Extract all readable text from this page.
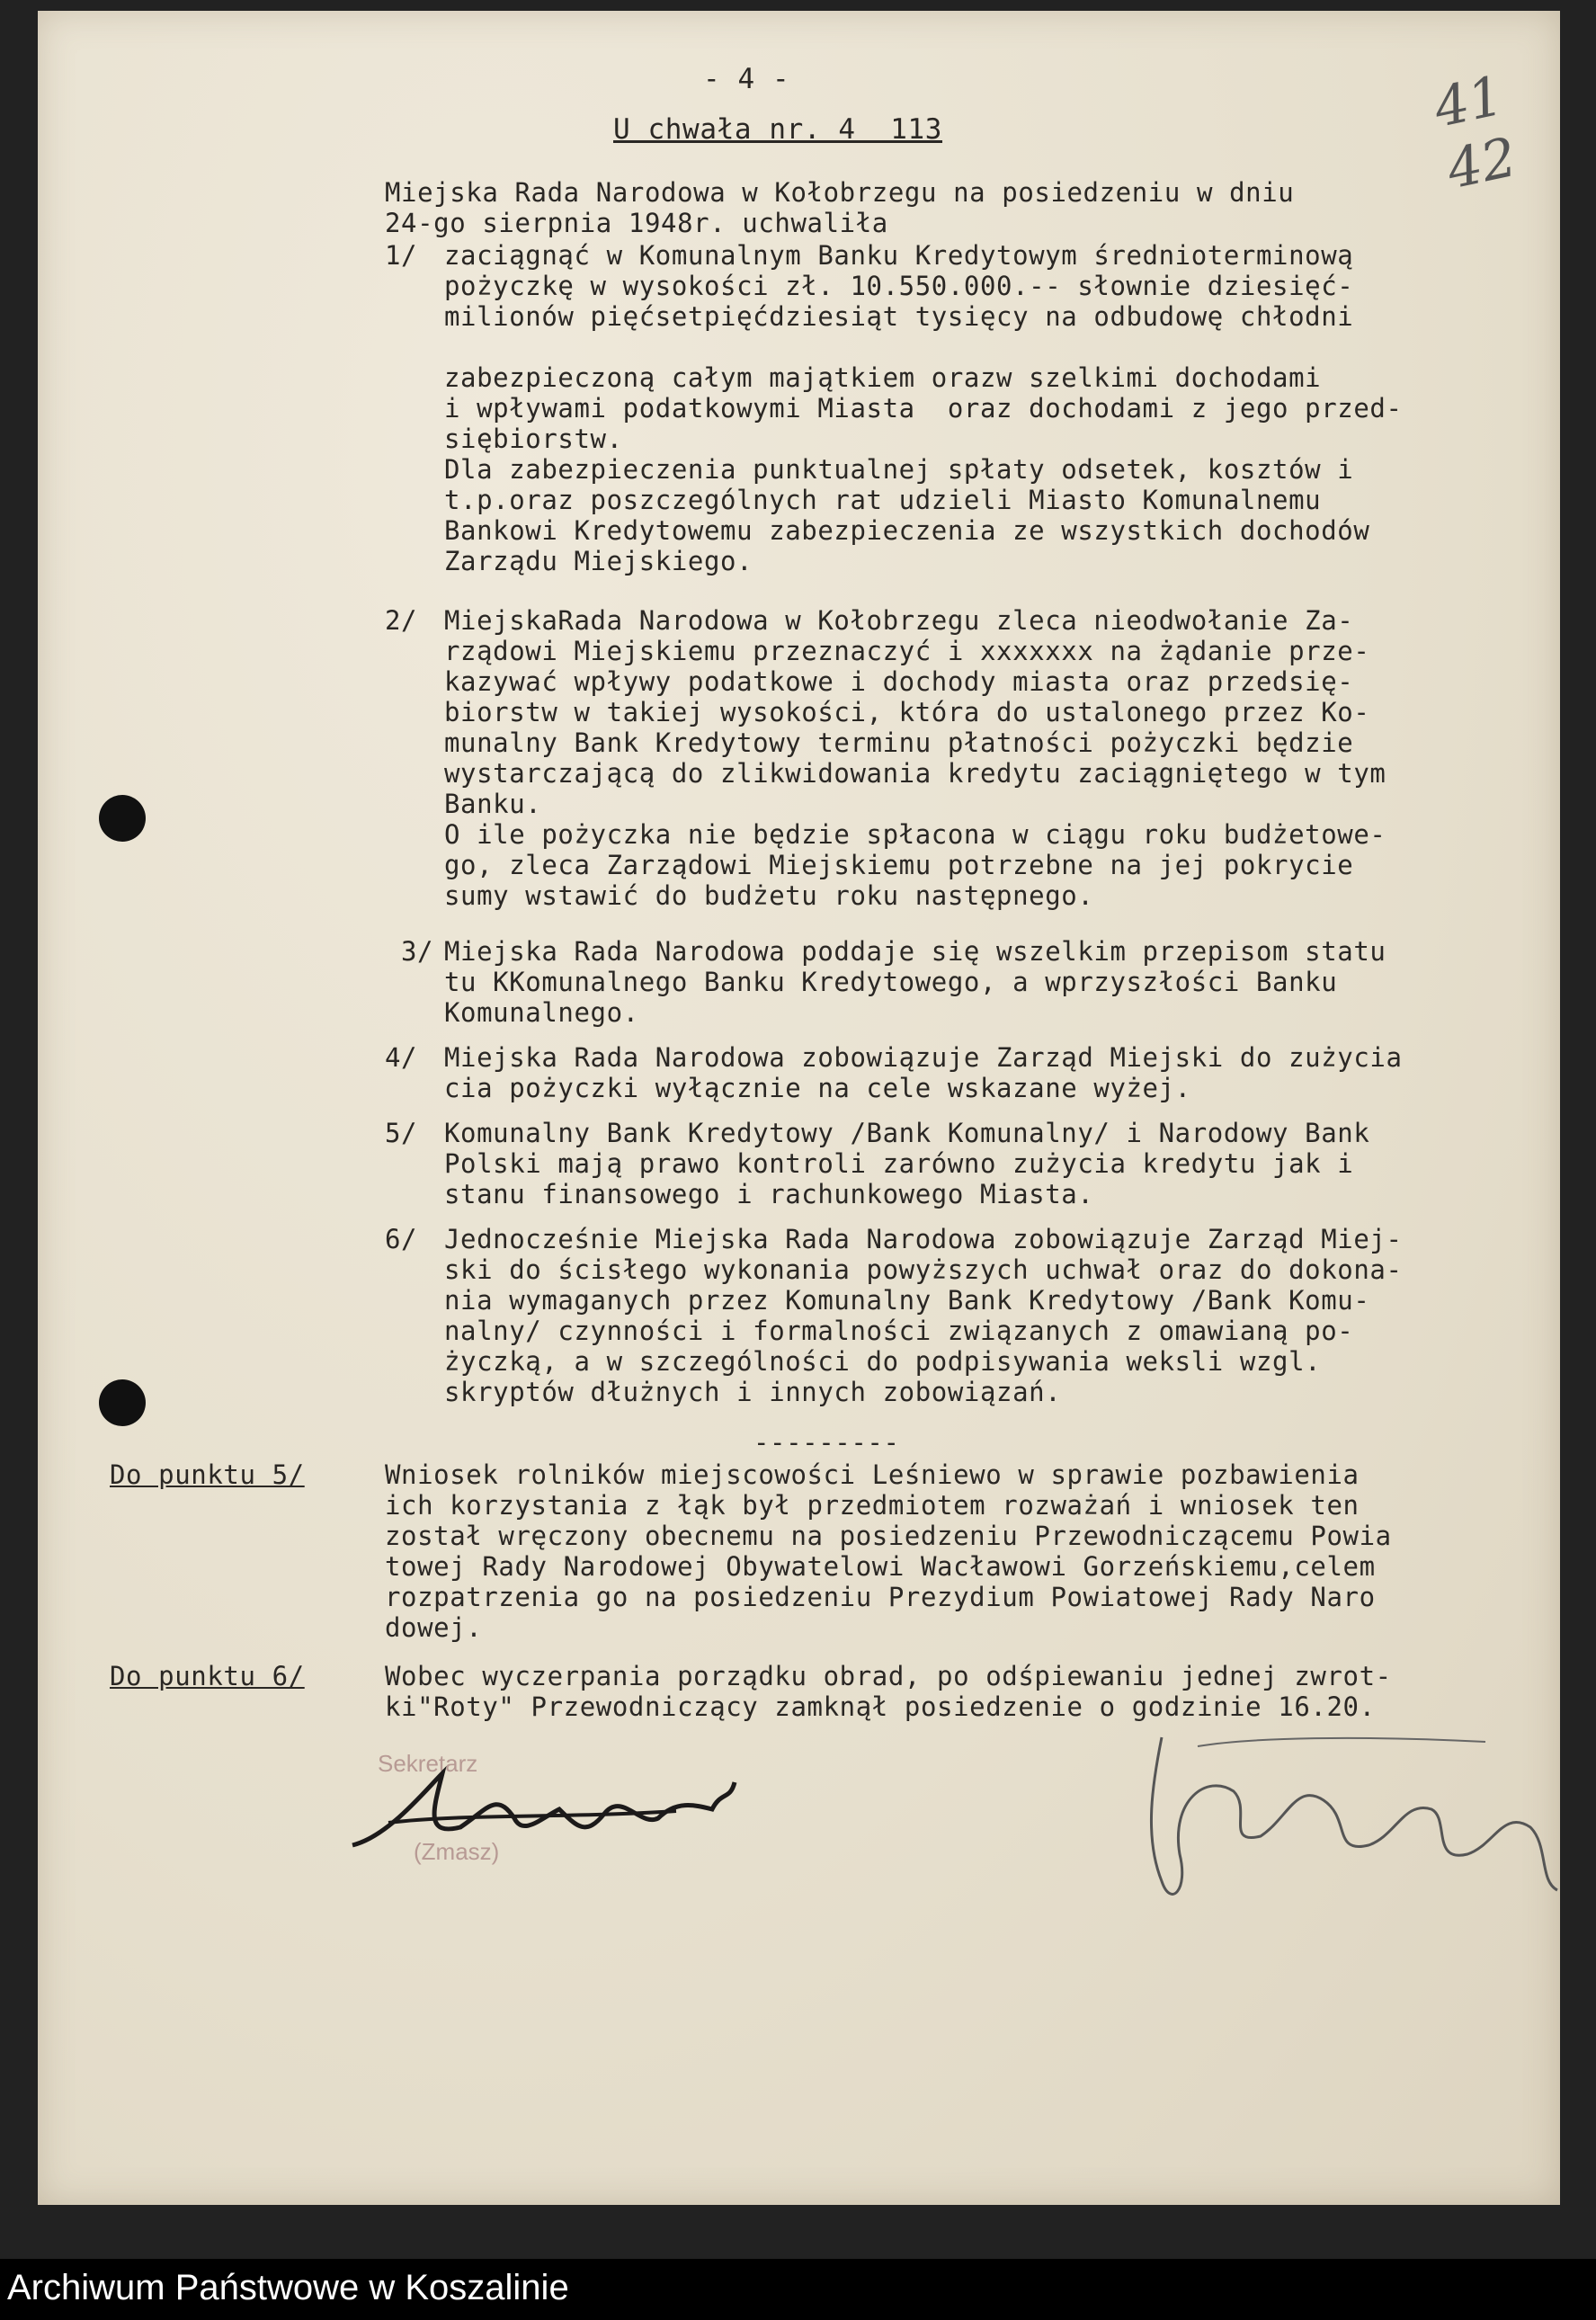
- 4 -
U chwała nr. 4  113	41 42
Miejska Rada Narodowa w Kołobrzegu na posiedzeniu w dniu
24-go sierpnia 1948r. uchwaliła
1/ zaciągnąć w Komunalnym Banku Kredytowym średnioterminową
pożyczkę w wysokości zł. 10.550.000.-- słownie dziesięć-
milionów pięćsetpięćdziesiąt tysięcy na odbudowę chłodni
zabezpieczoną całym majątkiem orazw szelkimi dochodami
i wpływami podatkowymi Miasta  oraz dochodami z jego przed-
siębiorstw.
Dla zabezpieczenia punktualnej spłaty odsetek, kosztów i
t.p.oraz poszczególnych rat udzieli Miasto Komunalnemu
Bankowi Kredytowemu zabezpieczenia ze wszystkich dochodów
Zarządu Miejskiego.
2/ MiejskaRada Narodowa w Kołobrzegu zleca nieodwołanie Za-
rządowi Miejskiemu przeznaczyć i xxxxxxx na żądanie prze-
kazywać wpływy podatkowe i dochody miasta oraz przedsię-
biorstw w takiej wysokości, która do ustalonego przez Ko-
munalny Bank Kredytowy terminu płatności pożyczki będzie
wystarczającą do zlikwidowania kredytu zaciągniętego w tym
Banku.
O ile pożyczka nie będzie spłacona w ciągu roku budżetowe-
go, zleca Zarządowi Miejskiemu potrzebne na jej pokrycie
sumy wstawić do budżetu roku następnego.
3/ Miejska Rada Narodowa poddaje się wszelkim przepisom statu
tu KKomunalnego Banku Kredytowego, a wprzyszłości Banku
Komunalnego.
4/ Miejska Rada Narodowa zobowiązuje Zarząd Miejski do zużycia
cia pożyczki wyłącznie na cele wskazane wyżej.
5/ Komunalny Bank Kredytowy /Bank Komunalny/ i Narodowy Bank
Polski mają prawo kontroli zarówno zużycia kredytu jak i
stanu finansowego i rachunkowego Miasta.
6/ Jednocześnie Miejska Rada Narodowa zobowiązuje Zarząd Miej-
ski do ścisłego wykonania powyższych uchwał oraz do dokona-
nia wymaganych przez Komunalny Bank Kredytowy /Bank Komu-
nalny/ czynności i formalności związanych z omawianą po-
życzką, a w szczególności do podpisywania weksli wzgl.
skryptów dłużnych i innych zobowiązań.
---------
Do punktu 5/	Wniosek rolników miejscowości Leśniewo w sprawie pozbawienia
ich korzystania z łąk był przedmiotem rozważań i wniosek ten
został wręczony obecnemu na posiedzeniu Przewodniczącemu Powia
towej Rady Narodowej Obywatelowi Wacławowi Gorzeńskiemu,celem
rozpatrzenia go na posiedzeniu Prezydium Powiatowej Rady Naro
dowej.
Do punktu 6/	Wobec wyczerpania porządku obrad, po odśpiewaniu jednej zwrot-
ki"Roty" Przewodniczący zamknął posiedzenie o godzinie 16.20.
Sekretarz
(Zmasz)
Archiwum Państwowe w Koszalinie
